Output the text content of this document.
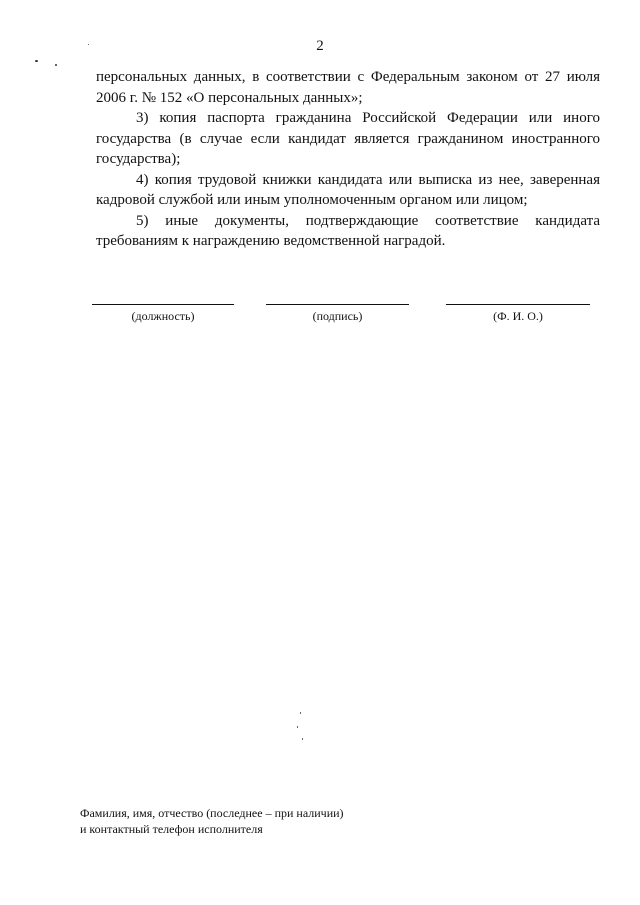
2

персональных данных, в соответствии с Федеральным законом от 27 июля 2006 г. № 152 «О персональных данных»;

3) копия паспорта гражданина Российской Федерации или иного государства (в случае если кандидат является гражданином иностранного государства);

4) копия трудовой книжки кандидата или выписка из нее, заверенная кадровой службой или иным уполномоченным органом или лицом;

5) иные документы, подтверждающие соответствие кандидата требованиям к награждению ведомственной наградой.

(должность)	(подпись)	(Ф. И. О.)
Фамилия, имя, отчество (последнее – при наличии)
и контактный телефон исполнителя
